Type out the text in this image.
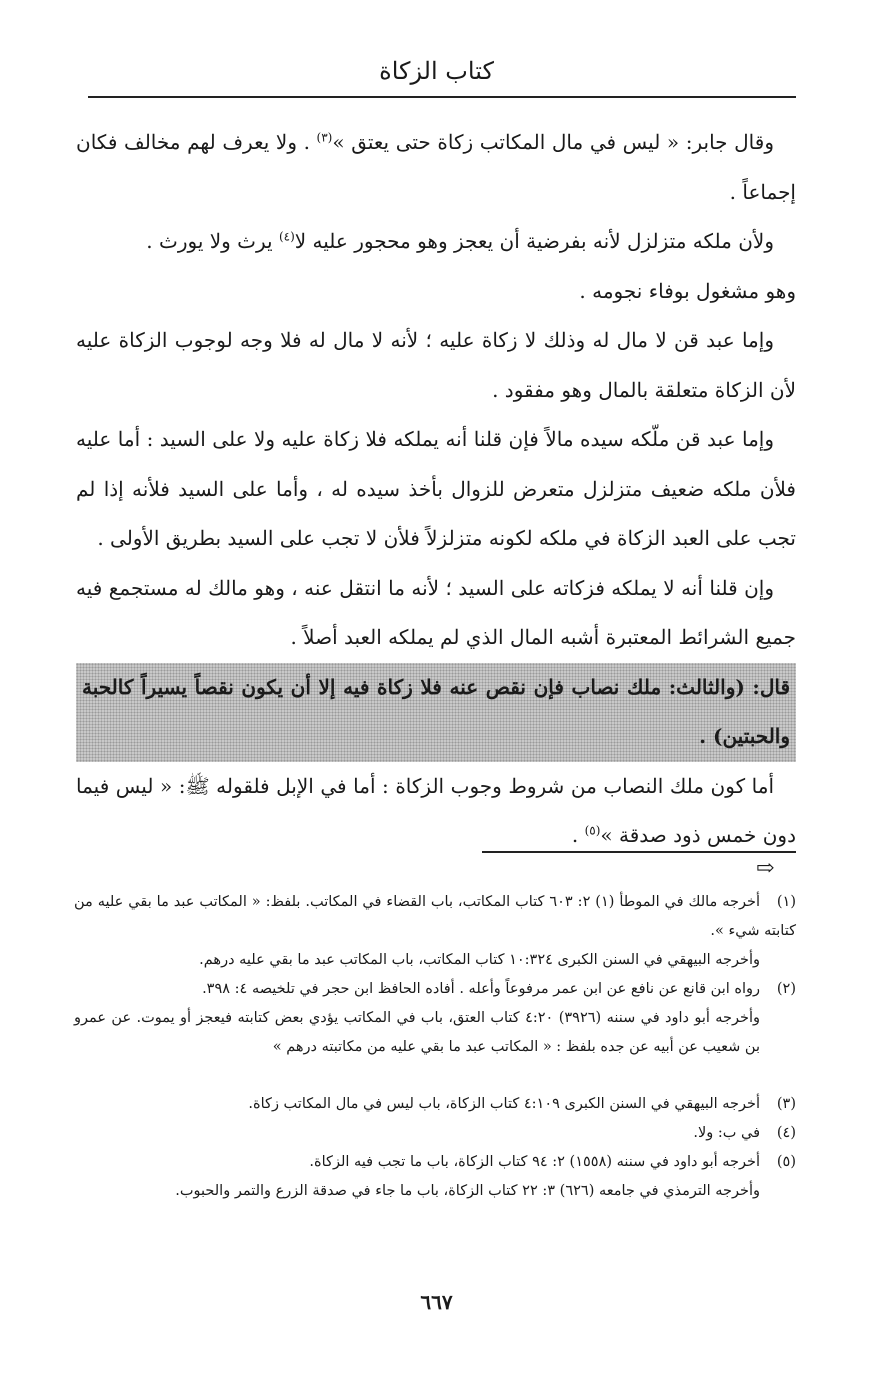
كتاب الزكاة

وقال جابر: « ليس في مال المكاتب زكاة حتى يعتق »$^{(٣)}$ . ولا يعرف لهم مخالف فكان إجماعاً .

ولأن ملكه متزلزل لأنه بفرضية أن يعجز وهو محجور عليه لا$^{(٤)}$ يرث ولا يورث .

وهو مشغول بوفاء نجومه .

وإما عبد قن لا مال له وذلك لا زكاة عليه ؛ لأنه لا مال له فلا وجه لوجوب الزكاة عليه لأن الزكاة متعلقة بالمال وهو مفقود .

وإما عبد قن ملّكه سيده مالاً فإن قلنا أنه يملكه فلا زكاة عليه ولا على السيد : أما عليه فلأن ملكه ضعيف متزلزل متعرض للزوال بأخذ سيده له ، وأما على السيد فلأنه إذا لم تجب على العبد الزكاة في ملكه لكونه متزلزلاً فلأن لا تجب على السيد بطريق الأولى .

وإن قلنا أنه لا يملكه فزكاته على السيد ؛ لأنه ما انتقل عنه ، وهو مالك له مستجمع فيه جميع الشرائط المعتبرة أشبه المال الذي لم يملكه العبد أصلاً .

قال: (والثالث: ملك نصاب فإن نقص عنه فلا زكاة فيه إلا أن يكون نقصاً يسيراً كالحبة والحبتين) .

أما كون ملك النصاب من شروط وجوب الزكاة : أما في الإبل فلقوله ﷺ: « ليس فيما دون خمس ذود صدقة »$^{(٥)}$ .

⇨

(١)أخرجه مالك في الموطأ (١) ٢: ٦٠٣ كتاب المكاتب، باب القضاء في المكاتب. بلفظ: « المكاتب عبد ما بقي عليه من كتابته شيء ».

وأخرجه البيهقي في السنن الكبرى ١٠:٣٢٤ كتاب المكاتب، باب المكاتب عبد ما بقي عليه درهم.

(٢)رواه ابن قانع عن نافع عن ابن عمر مرفوعاً وأعله . أفاده الحافظ ابن حجر في تلخيصه ٤: ٣٩٨.

وأخرجه أبو داود في سننه (٣٩٢٦) ٤:٢٠ كتاب العتق، باب في المكاتب يؤدي بعض كتابته فيعجز أو يموت. عن عمرو بن شعيب عن أبيه عن جده بلفظ : « المكاتب عبد ما بقي عليه من مكاتبته درهم »

(٣)أخرجه البيهقي في السنن الكبرى ٤:١٠٩ كتاب الزكاة، باب ليس في مال المكاتب زكاة.

(٤)في ب: ولا.

(٥)أخرجه أبو داود في سننه (١٥٥٨) ٢: ٩٤ كتاب الزكاة، باب ما تجب فيه الزكاة.

وأخرجه الترمذي في جامعه (٦٢٦) ٣: ٢٢ كتاب الزكاة، باب ما جاء في صدقة الزرع والتمر والحبوب.

٦٦٧
